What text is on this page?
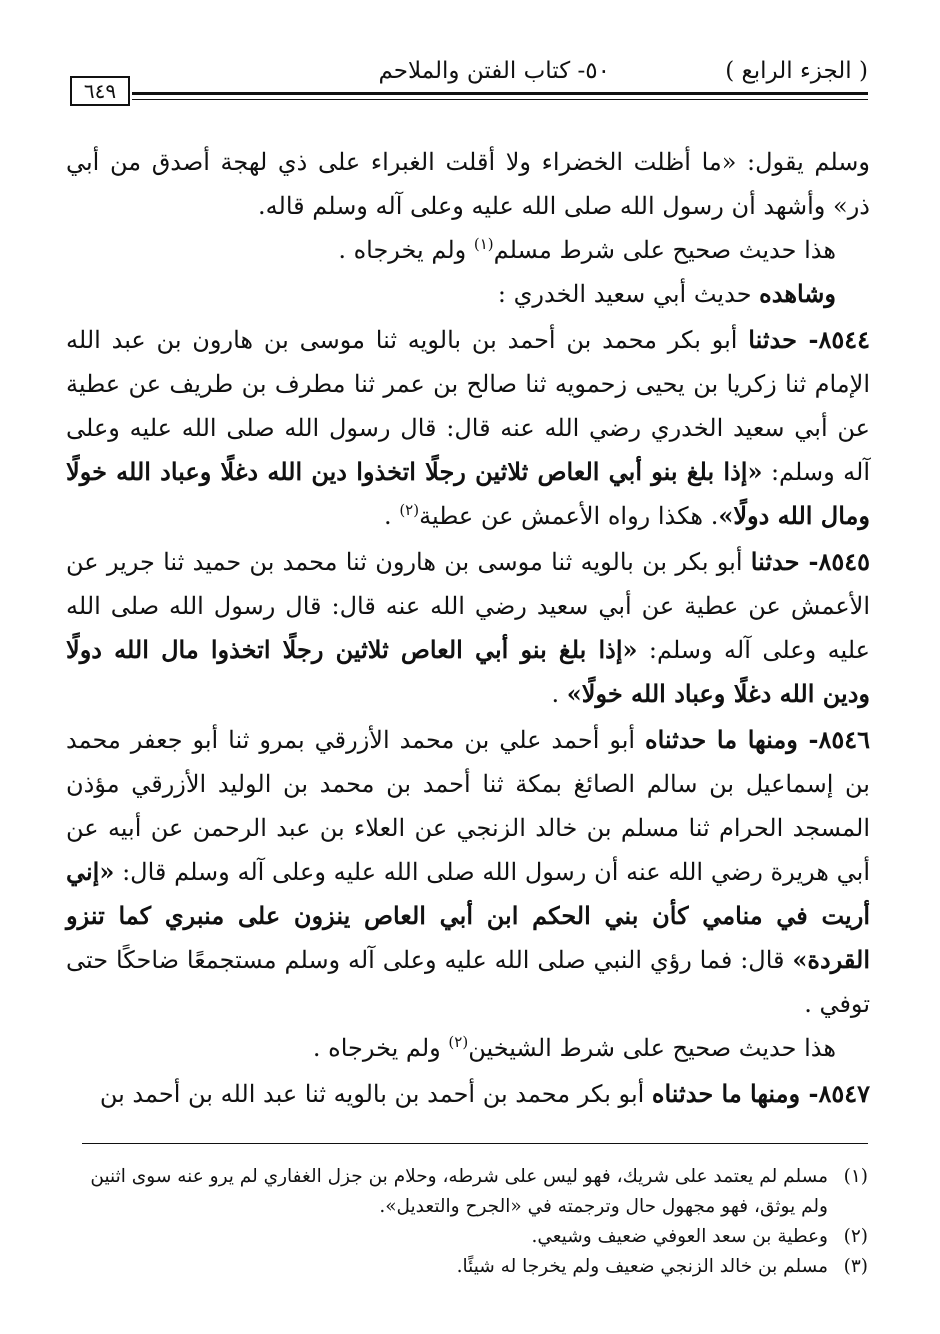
( الجزء الرابع )
٥٠- كتاب الفتن والملاحم
٦٤٩

وسلم يقول: «ما أظلت الخضراء ولا أقلت الغبراء على ذي لهجة أصدق من أبي ذر» وأشهد أن رسول الله صلى الله عليه وعلى آله وسلم قاله.

هذا حديث صحيح على شرط مسلم$^{(١)}$ ولم يخرجاه .

وشاهده حديث أبي سعيد الخدري :

٨٥٤٤- حدثنا أبو بكر محمد بن أحمد بن بالويه ثنا موسى بن هارون بن عبد الله الإمام ثنا زكريا بن يحيى زحمويه ثنا صالح بن عمر ثنا مطرف بن طريف عن عطية عن أبي سعيد الخدري رضي الله عنه قال: قال رسول الله صلى الله عليه وعلى آله وسلم: «إذا بلغ بنو أبي العاص ثلاثين رجلًا اتخذوا دين الله دغلًا وعباد الله خولًا ومال الله دولًا». هكذا رواه الأعمش عن عطية$^{(٢)}$ .

٨٥٤٥- حدثنا أبو بكر بن بالويه ثنا موسى بن هارون ثنا محمد بن حميد ثنا جرير عن الأعمش عن عطية عن أبي سعيد رضي الله عنه قال: قال رسول الله صلى الله عليه وعلى آله وسلم: «إذا بلغ بنو أبي العاص ثلاثين رجلًا اتخذوا مال الله دولًا ودين الله دغلًا وعباد الله خولًا» .

٨٥٤٦- ومنها ما حدثناه أبو أحمد علي بن محمد الأزرقي بمرو ثنا أبو جعفر محمد بن إسماعيل بن سالم الصائغ بمكة ثنا أحمد بن محمد بن الوليد الأزرقي مؤذن المسجد الحرام ثنا مسلم بن خالد الزنجي عن العلاء بن عبد الرحمن عن أبيه عن أبي هريرة رضي الله عنه أن رسول الله صلى الله عليه وعلى آله وسلم قال: «إني أريت في منامي كأن بني الحكم ابن أبي العاص ينزون على منبري كما تنزو القردة» قال: فما رؤي النبي صلى الله عليه وعلى آله وسلم مستجمعًا ضاحكًا حتى توفي .

هذا حديث صحيح على شرط الشيخين$^{(٢)}$ ولم يخرجاه .

٨٥٤٧- ومنها ما حدثناه أبو بكر محمد بن أحمد بن بالويه ثنا عبد الله بن أحمد بن

(١)
مسلم لم يعتمد على شريك، فهو ليس على شرطه، وحلام بن جزل الغفاري لم يرو عنه سوى اثنين ولم يوثق، فهو مجهول حال وترجمته في «الجرح والتعديل».
(٢)
وعطية بن سعد العوفي ضعيف وشيعي.
(٣)
مسلم بن خالد الزنجي ضعيف ولم يخرجا له شيئًا.
